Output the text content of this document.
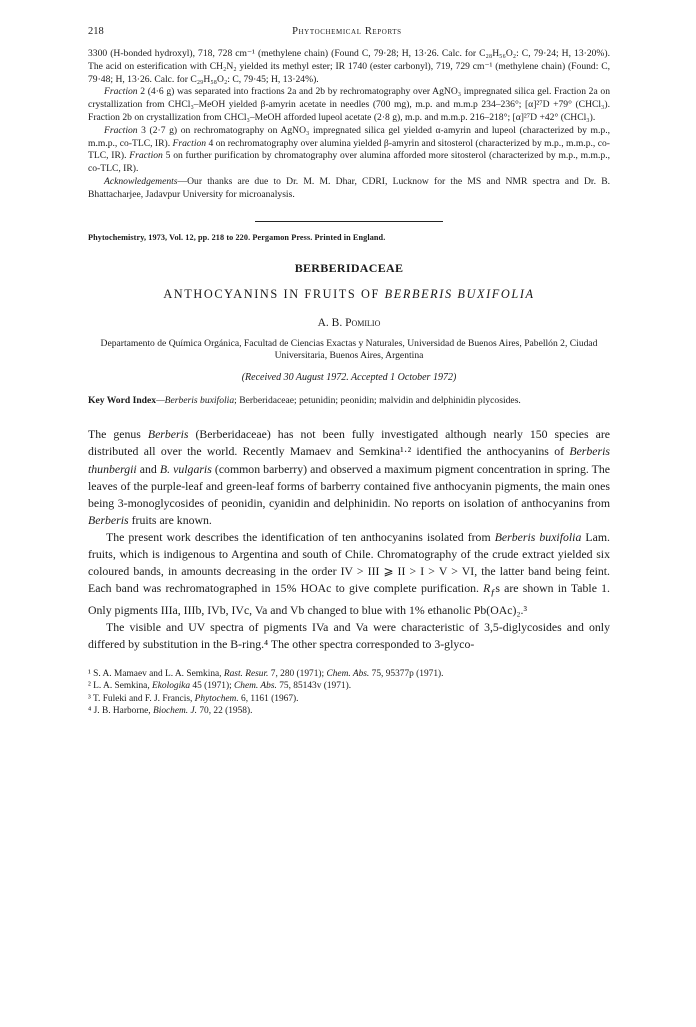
218	Phytochemical Reports

3300 (H-bonded hydroxyl), 718, 728 cm⁻¹ (methylene chain) (Found C, 79·28; H, 13·26. Calc. for C₂₈H₅₆O₂: C, 79·24; H, 13·20%). The acid on esterification with CH₂N₂ yielded its methyl ester; IR 1740 (ester carbonyl), 719, 729 cm⁻¹ (methylene chain) (Found: C, 79·48; H, 13·26. Calc. for C₂₉H₅₈O₂: C, 79·45; H, 13·24%).

Fraction 2 (4·6 g) was separated into fractions 2a and 2b by rechromatography over AgNO₃ impregnated silica gel. Fraction 2a on crystallization from CHCl₃–MeOH yielded β-amyrin acetate in needles (700 mg), m.p. and m.m.p 234–236°; [α]²⁷D +79° (CHCl₃). Fraction 2b on crystallization from CHCl₃–MeOH afforded lupeol acetate (2·8 g), m.p. and m.m.p. 216–218°; [α]²⁷D +42° (CHCl₃).

Fraction 3 (2·7 g) on rechromatography on AgNO₃ impregnated silica gel yielded α-amyrin and lupeol (characterized by m.p., m.m.p., co-TLC, IR). Fraction 4 on rechromatography over alumina yielded β-amyrin and sitosterol (characterized by m.p., m.m.p., co-TLC, IR). Fraction 5 on further purification by chromatography over alumina afforded more sitosterol (characterized by m.p., m.m.p., co-TLC, IR).

Acknowledgements—Our thanks are due to Dr. M. M. Dhar, CDRI, Lucknow for the MS and NMR spectra and Dr. B. Bhattacharjee, Jadavpur University for microanalysis.

Phytochemistry, 1973, Vol. 12, pp. 218 to 220. Pergamon Press. Printed in England.
BERBERIDACEAE
ANTHOCYANINS IN FRUITS OF BERBERIS BUXIFOLIA
A. B. Pomilio
Departamento de Química Orgánica, Facultad de Ciencias Exactas y Naturales, Universidad de Buenos Aires, Pabellón 2, Ciudad Universitaria, Buenos Aires, Argentina
(Received 30 August 1972. Accepted 1 October 1972)
Key Word Index—Berberis buxifolia; Berberidaceae; petunidin; peonidin; malvidin and delphinidin plycosides.

The genus Berberis (Berberidaceae) has not been fully investigated although nearly 150 species are distributed all over the world. Recently Mamaev and Semkina¹·² identified the anthocyanins of Berberis thunbergii and B. vulgaris (common barberry) and observed a maximum pigment concentration in spring. The leaves of the purple-leaf and green-leaf forms of barberry contained five anthocyanin pigments, the main ones being 3-monoglycosides of peonidin, cyanidin and delphinidin. No reports on isolation of anthocyanins from Berberis fruits are known.

The present work describes the identification of ten anthocyanins isolated from Berberis buxifolia Lam. fruits, which is indigenous to Argentina and south of Chile. Chromatography of the crude extract yielded six coloured bands, in amounts decreasing in the order IV > III ⩾ II > I > V > VI, the latter band being feint. Each band was rechromatographed in 15% HOAc to give complete purification. $R_ƒs$ are shown in Table 1. Only pigments IIIa, IIIb, IVb, IVc, Va and Vb changed to blue with 1% ethanolic Pb(OAc)₂.³

The visible and UV spectra of pigments IVa and Va were characteristic of 3,5-diglycosides and only differed by substitution in the B-ring.⁴ The other spectra corresponded to 3-glyco-

¹ S. A. Mamaev and L. A. Semkina, Rast. Resur. 7, 280 (1971); Chem. Abs. 75, 95377p (1971).

² L. A. Semkina, Ekologika 45 (1971); Chem. Abs. 75, 85143v (1971).

³ T. Fuleki and F. J. Francis, Phytochem. 6, 1161 (1967).

⁴ J. B. Harborne, Biochem. J. 70, 22 (1958).
